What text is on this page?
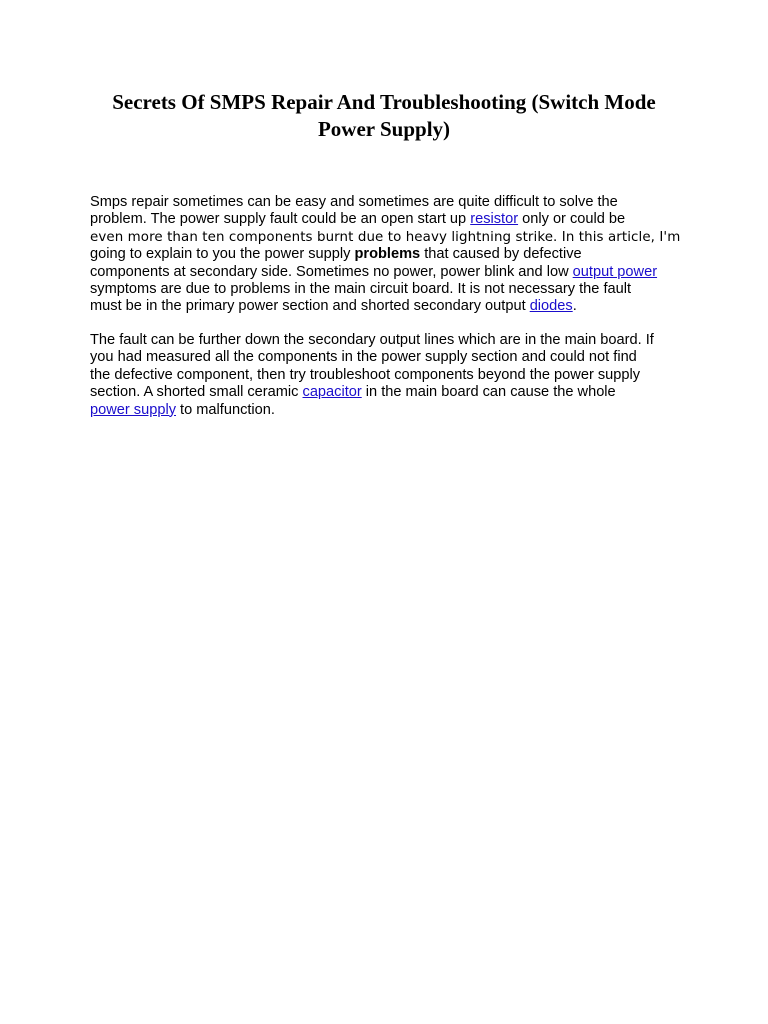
Secrets Of SMPS Repair And Troubleshooting (Switch Mode Power Supply)

Smps repair sometimes can be easy and sometimes are quite difficult to solve the
problem. The power supply fault could be an open start up resistor only or could be
even more than ten components burnt due to heavy lightning strike. In this article, I'm
going to explain to you the power supply problems that caused by defective
components at secondary side. Sometimes no power, power blink and low output power
symptoms are due to problems in the main circuit board. It is not necessary the fault
must be in the primary power section and shorted secondary output diodes.

The fault can be further down the secondary output lines which are in the main board. If
you had measured all the components in the power supply section and could not find
the defective component, then try troubleshoot components beyond the power supply
section. A shorted small ceramic capacitor in the main board can cause the whole
power supply to malfunction.
